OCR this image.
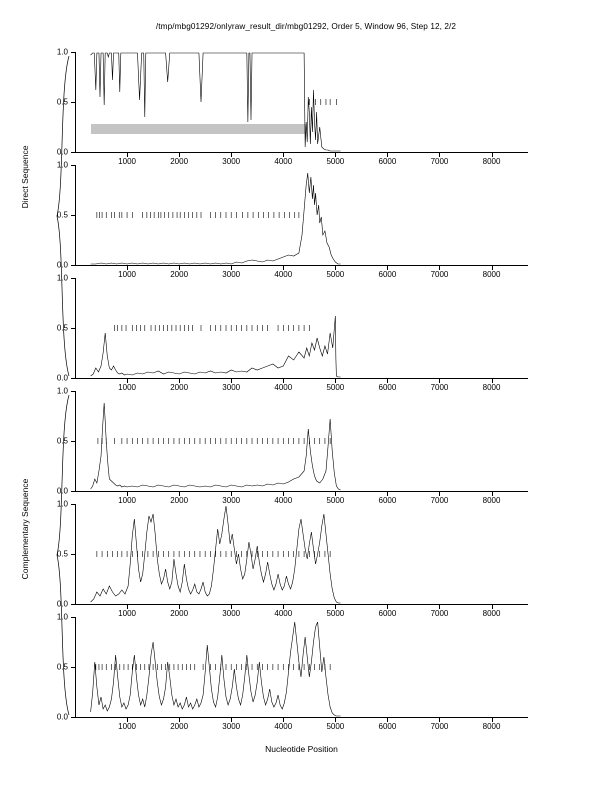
/tmp/mbg01292/onlyraw_result_dir/mbg01292, Order 5, Window 96, Step 12, 2/2
Nucleotide Position
Direct Sequence
Complementary Sequence
1000	2000	3000	4000	5000	6000	7000	8000
0.0
0.5
1.0
1000	2000	3000	4000	5000	6000	7000	8000
0.0
0.5
1.0
1000	2000	3000	4000	5000	6000	7000	8000
0.0
0.5
1.0
1000	2000	3000	4000	5000	6000	7000	8000
0.0
0.5
1.0
1000	2000	3000	4000	5000	6000	7000	8000
0.0
0.5
1.0
1000	2000	3000	4000	5000	6000	7000	8000
0.0
0.5
1.0
